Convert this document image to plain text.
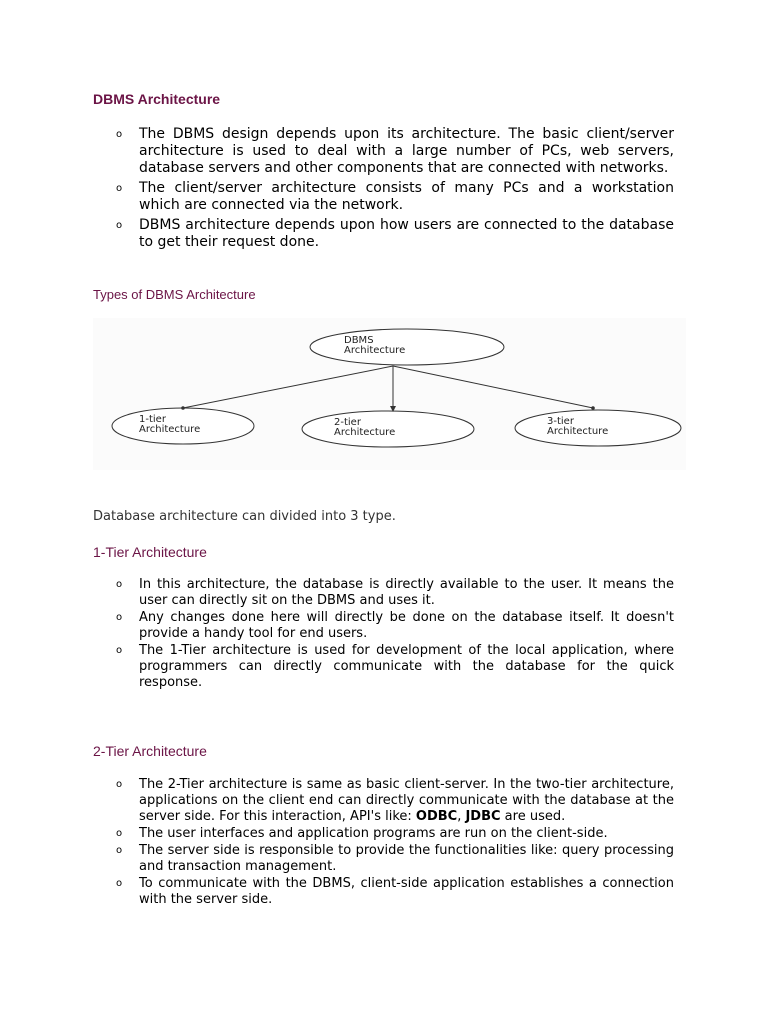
DBMS Architecture
o The DBMS design depends upon its architecture. The basic client/server architecture is used to deal with a large number of PCs, web servers, database servers and other components that are connected with networks.
o The client/server architecture consists of many PCs and a workstation which are connected via the network.
o DBMS architecture depends upon how users are connected to the database to get their request done.
Types of DBMS Architecture
DBMS
Architecture
1-tier
Architecture
2-tier
Architecture
3-tier
Architecture
Database architecture can divided into 3 type.
1-Tier Architecture
o In this architecture, the database is directly available to the user. It means the user can directly sit on the DBMS and uses it.
o Any changes done here will directly be done on the database itself. It doesn't provide a handy tool for end users.
o The 1-Tier architecture is used for development of the local application, where programmers can directly communicate with the database for the quick response.
2-Tier Architecture
o The 2-Tier architecture is same as basic client-server. In the two-tier architecture, applications on the client end can directly communicate with the database at the server side. For this interaction, API's like: ODBC, JDBC are used.
o The user interfaces and application programs are run on the client-side.
o The server side is responsible to provide the functionalities like: query processing and transaction management.
o To communicate with the DBMS, client-side application establishes a connection with the server side.
